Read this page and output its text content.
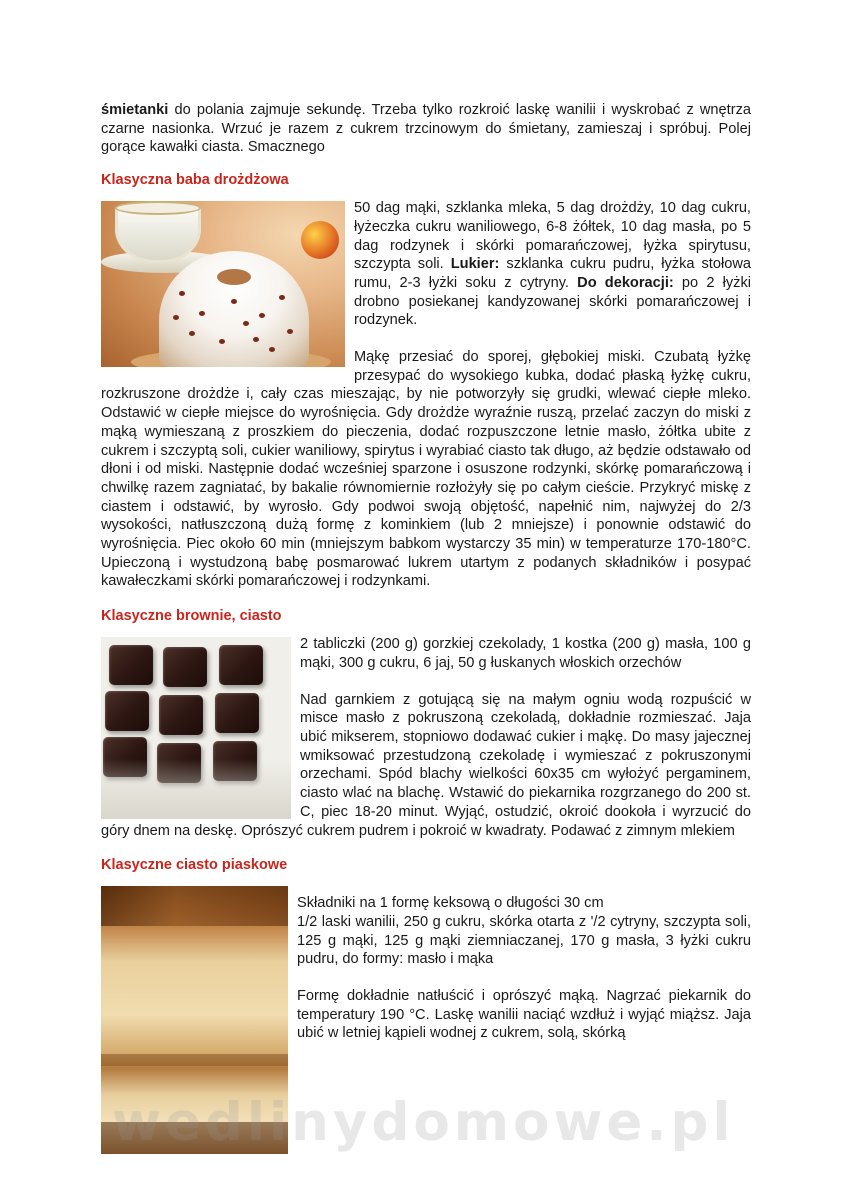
śmietanki do polania zajmuje sekundę. Trzeba tylko rozkroić laskę wanilii i wyskrobać z wnętrza czarne nasionka. Wrzuć je razem z cukrem trzcinowym do śmietany, zamieszaj i spróbuj. Polej gorące kawałki ciasta. Smacznego

Klasyczna baba drożdżowa

50 dag mąki, szklanka mleka, 5 dag drożdży, 10 dag cukru, łyżeczka cukru waniliowego, 6-8 żółtek, 10 dag masła, po 5 dag rodzynek i skórki pomarańczowej, łyżka spirytusu, szczypta soli. Lukier: szklanka cukru pudru, łyżka stołowa rumu, 2-3 łyżki soku z cytryny. Do dekoracji: po 2 łyżki drobno posiekanej kandyzowanej skórki pomarańczowej i rodzynek.

Mąkę przesiać do sporej, głębokiej miski. Czubatą łyżkę przesypać do wysokiego kubka, dodać płaską łyżkę cukru, rozkruszone drożdże i, cały czas mieszając, by nie potworzyły się grudki, wlewać ciepłe mleko. Odstawić w ciepłe miejsce do wyrośnięcia. Gdy drożdże wyraźnie ruszą, przelać zaczyn do miski z mąką wymieszaną z proszkiem do pieczenia, dodać rozpuszczone letnie masło, żółtka ubite z cukrem i szczyptą soli, cukier waniliowy, spirytus i wyrabiać ciasto tak długo, aż będzie odstawało od dłoni i od miski. Następnie dodać wcześniej sparzone i osuszone rodzynki, skórkę pomarańczową i chwilkę razem zagniatać, by bakalie równomiernie rozłożyły się po całym cieście. Przykryć miskę z ciastem i odstawić, by wyrosło. Gdy podwoi swoją objętość, napełnić nim, najwyżej do 2/3 wysokości, natłuszczoną dużą formę z kominkiem (lub 2 mniejsze) i ponownie odstawić do wyrośnięcia. Piec około 60 min (mniejszym babkom wystarczy 35 min) w temperaturze 170-180°C. Upieczoną i wystudzoną babę posmarować lukrem utartym z podanych składników i posypać kawałeczkami skórki pomarańczowej i rodzynkami.

Klasyczne brownie, ciasto

2 tabliczki (200 g) gorzkiej czekolady, 1 kostka (200 g) masła, 100 g mąki, 300 g cukru, 6 jaj, 50 g łuskanych włoskich orzechów

Nad garnkiem z gotującą się na małym ogniu wodą rozpuścić w misce masło z pokruszoną czekoladą, dokładnie rozmieszać. Jaja ubić mikserem, stopniowo dodawać cukier i mąkę. Do masy jajecznej wmiksować przestudzoną czekoladę i wymieszać z pokruszonymi orzechami. Spód blachy wielkości 60x35 cm wyłożyć pergaminem, ciasto wlać na blachę. Wstawić do piekarnika rozgrzanego do 200 st. C, piec 18-20 minut. Wyjąć, ostudzić, okroić dookoła i wyrzucić do góry dnem na deskę. Oprószyć cukrem pudrem i pokroić w kwadraty. Podawać z zimnym mlekiem

Klasyczne ciasto piaskowe

Składniki na 1 formę keksową o długości 30 cm

1/2 laski wanilii, 250 g cukru, skórka otarta z '/2 cytryny, szczypta soli, 125 g mąki, 125 g mąki ziemniaczanej, 170 g masła, 3 łyżki cukru pudru, do formy: masło i mąka

Formę dokładnie natłuścić i oprószyć mąką. Nagrzać piekarnik do temperatury 190 °C. Laskę wanilii naciąć wzdłuż i wyjąć miąższ. Jaja ubić w letniej kąpieli wodnej z cukrem, solą, skórką

wedlinydomowe.pl
